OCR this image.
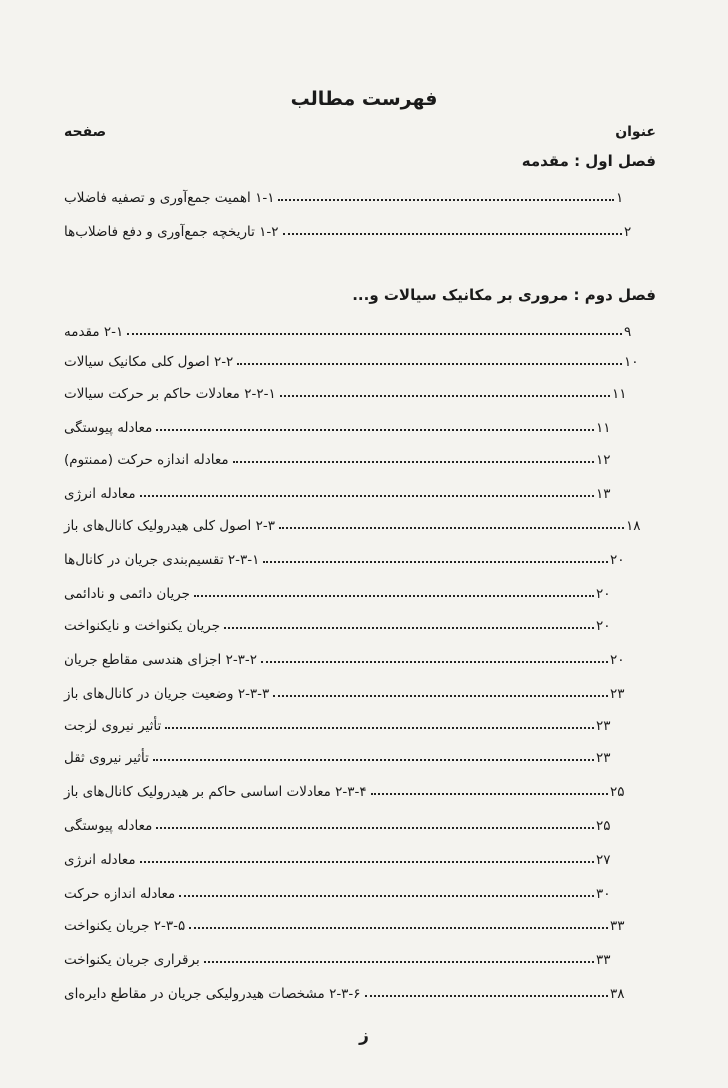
فهرست مطالب
عنوان
صفحه
فصل اول : مقدمه
۱-۱ اهمیت جمع‌آوری و تصفیه فاضلاب	۱
۱-۲ تاریخچه جمع‌آوری و دفع فاضلاب‌ها	۲
فصل دوم : مروری بر مکانیک سیالات و...
۲-۱ مقدمه	۹
۲-۲ اصول کلی مکانیک سیالات	۱۰
۲-۲-۱ معادلات حاکم بر حرکت سیالات	۱۱
معادله پیوستگی	۱۱
معادله اندازه حرکت (ممنتوم)	۱۲
معادله انرژی	۱۳
۲-۳ اصول کلی هیدرولیک کانال‌های باز	۱۸
۲-۳-۱ تقسیم‌بندی جریان در کانال‌ها	۲۰
جریان دائمی و نادائمی	۲۰
جریان یکنواخت و نایکنواخت	۲۰
۲-۳-۲ اجزای هندسی مقاطع جریان	۲۰
۲-۳-۳ وضعیت جریان در کانال‌های باز	۲۳
تأثیر نیروی لزجت	۲۳
تأثیر نیروی ثقل	۲۳
۲-۳-۴ معادلات اساسی حاکم بر هیدرولیک کانال‌های باز	۲۵
معادله پیوستگی	۲۵
معادله انرژی	۲۷
معادله اندازه حرکت	۳۰
۲-۳-۵ جریان یکنواخت	۳۳
برقراری جریان یکنواخت	۳۳
۲-۳-۶ مشخصات هیدرولیکی جریان در مقاطع دایره‌ای	۳۸
ز
